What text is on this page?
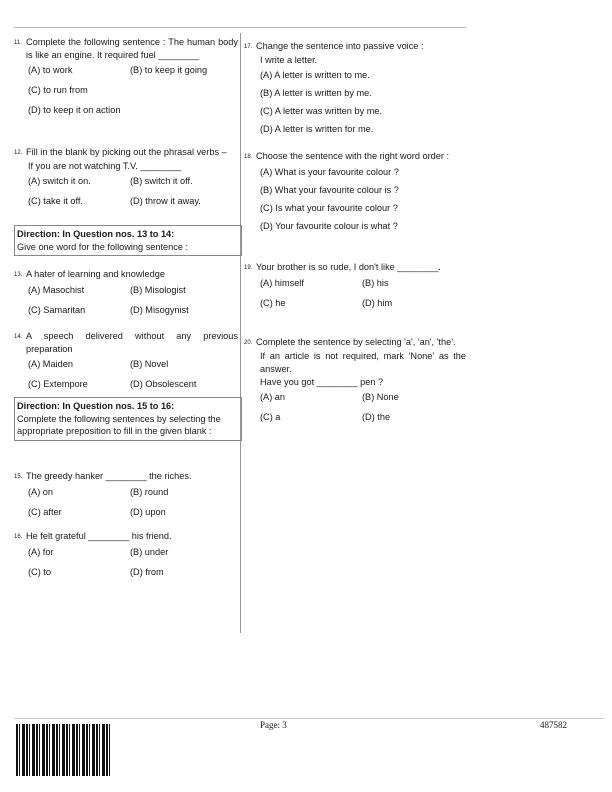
11. Complete the following sentence : The human body is like an engine. It required fuel ________
(A) to work	(B) to keep it going
(C) to run from
(D) to keep it on action
12. Fill in the blank by picking out the phrasal verbs –
If you are not watching T.V. ________
(A) switch it on.	(B) switch it off.
(C) take it off.	(D) throw it away.
Direction: In Question nos. 13 to 14:
Give one word for the following sentence :
13. A hater of learning and knowledge
(A) Masochist	(B) Misologist
(C) Samaritan	(D) Misogynist
14. A speech delivered without any previous preparation
(A) Maiden	(B) Novel
(C) Extempore	(D) Obsolescent
Direction: In Question nos. 15 to 16:
Complete the following sentences by selecting the appropriate preposition to fill in the given blank :
15. The greedy hanker ________ the riches.
(A) on	(B) round
(C) after	(D) upon
16. He felt grateful ________ his friend.
(A) for	(B) under
(C) to	(D) from
17. Change the sentence into passive voice :
I write a letter.
(A) A letter is written to me.
(B) A letter is written by me.
(C) A letter was written by me.
(D) A letter is written for me.
18. Choose the sentence with the right word order :
(A) What is your favourite colour ?
(B) What your favourite colour is ?
(C) Is what your favourite colour ?
(D) Your favourite colour is what ?
19. Your brother is so rude, I don't like ________.
(A) himself	(B) his
(C) he	(D) him
20. Complete the sentence by selecting 'a', 'an', 'the'.
If an article is not required, mark 'None' as the answer.
Have you got ________ pen ?
(A) an	(B) None
(C) a	(D) the
Page: 3	487582
